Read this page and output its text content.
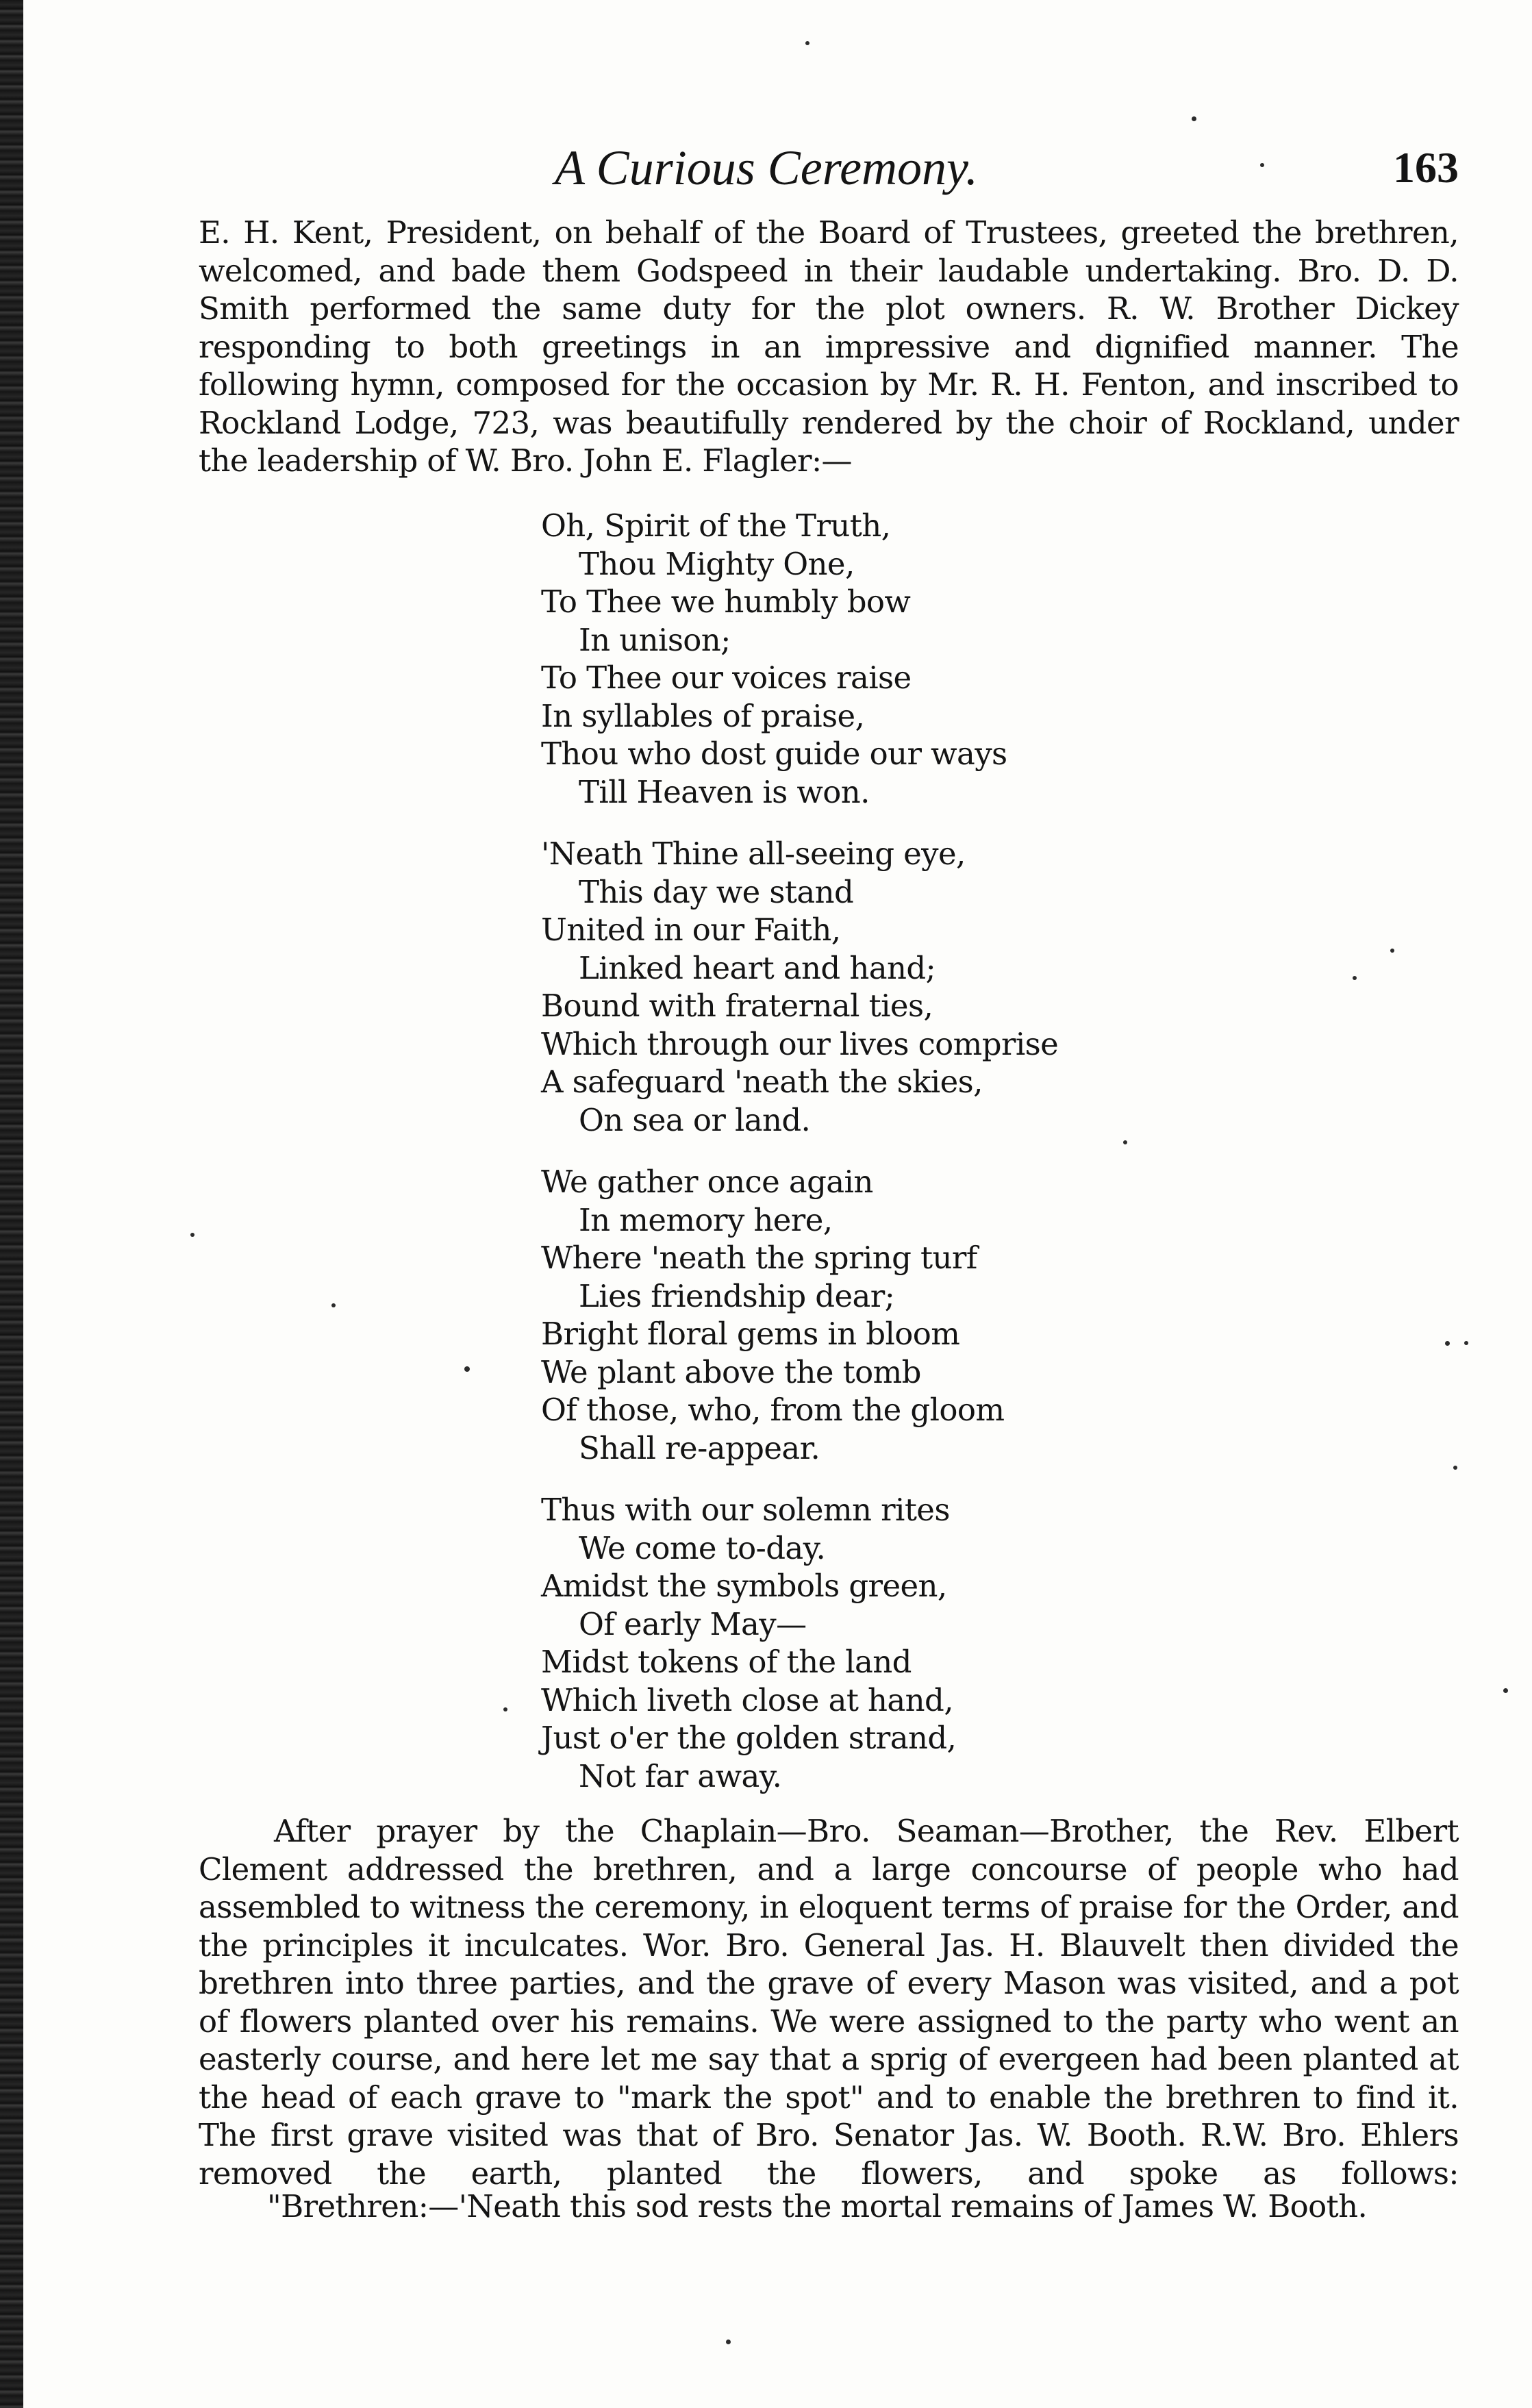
A Curious Ceremony.	163

E. H. Kent, President, on behalf of the Board of Trustees, greeted the brethren, welcomed, and bade them Godspeed in their laudable undertaking. Bro. D. D. Smith performed the same duty for the plot owners. R. W. Brother Dickey responding to both greetings in an impressive and dignified manner. The following hymn, composed for the occasion by Mr. R. H. Fenton, and inscribed to Rockland Lodge, 723, was beautifully rendered by the choir of Rockland, under the leadership of W. Bro. John E. Flagler:—

Oh, Spirit of the Truth,
Thou Mighty One,
To Thee we humbly bow
In unison;
To Thee our voices raise
In syllables of praise,
Thou who dost guide our ways
Till Heaven is won.
'Neath Thine all-seeing eye,
This day we stand
United in our Faith,
Linked heart and hand;
Bound with fraternal ties,
Which through our lives comprise
A safeguard 'neath the skies,
On sea or land.
We gather once again
In memory here,
Where 'neath the spring turf
Lies friendship dear;
Bright floral gems in bloom
We plant above the tomb
Of those, who, from the gloom
Shall re-appear.
Thus with our solemn rites
We come to-day.
Amidst the symbols green,
Of early May—
Midst tokens of the land
Which liveth close at hand,
Just o'er the golden strand,
Not far away.

After prayer by the Chaplain—Bro. Seaman—Brother, the Rev. Elbert Clement addressed the brethren, and a large concourse of people who had assembled to witness the ceremony, in eloquent terms of praise for the Order, and the principles it inculcates. Wor. Bro. General Jas. H. Blauvelt then divided the brethren into three parties, and the grave of every Mason was visited, and a pot of flowers planted over his remains. We were assigned to the party who went an easterly course, and here let me say that a sprig of evergeen had been planted at the head of each grave to "mark the spot" and to enable the brethren to find it. The first grave visited was that of Bro. Senator Jas. W. Booth. R.W. Bro. Ehlers removed the earth, planted the flowers, and spoke as follows:

"Brethren:—'Neath this sod rests the mortal remains of James W. Booth.
